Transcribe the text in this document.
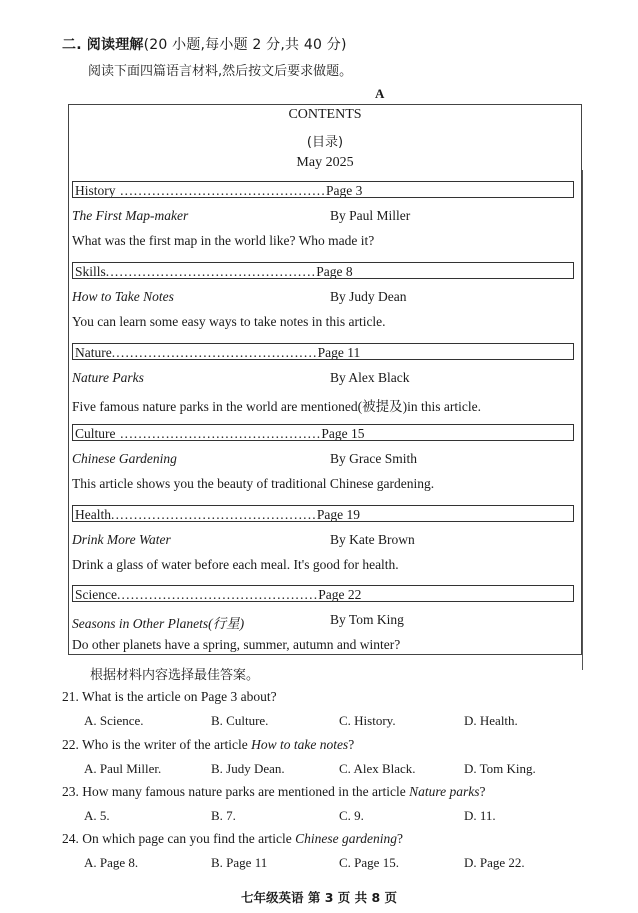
二. 阅读理解(20 小题,每小题 2 分,共 40 分)
阅读下面四篇语言材料,然后按文后要求做题。
A
CONTENTS
(目录)
May 2025
History .............................................Page 3
The First Map-maker	By Paul Miller
What was the first map in the world like? Who made it?
Skills..............................................Page 8
How to Take Notes	By Judy Dean
You can learn some easy ways to take notes in this article.
Nature.............................................Page 11
Nature Parks	By Alex Black
Five famous nature parks in the world are mentioned(被提及)in this article.
Culture ............................................Page 15
Chinese Gardening	By Grace Smith
This article shows you the beauty of traditional Chinese gardening.
Health.............................................Page 19
Drink More Water	By Kate Brown
Drink a glass of water before each meal. It's good for health.
Science............................................Page 22
Seasons in Other Planets(行星)	By Tom King
Do other planets have a spring, summer, autumn and winter?
根据材料内容选择最佳答案。
21. What is the article on Page 3 about?
A. Science.	B. Culture.	C. History.	D. Health.
22. Who is the writer of the article How to take notes?
A. Paul Miller.	B. Judy Dean.	C. Alex Black.	D. Tom King.
23. How many famous nature parks are mentioned in the article Nature parks?
A. 5.	B. 7.	C. 9.	D. 11.
24. On which page can you find the article Chinese gardening?
A. Page 8.	B. Page 11	C. Page 15.	D. Page 22.
七年级英语 第 3 页 共 8 页
